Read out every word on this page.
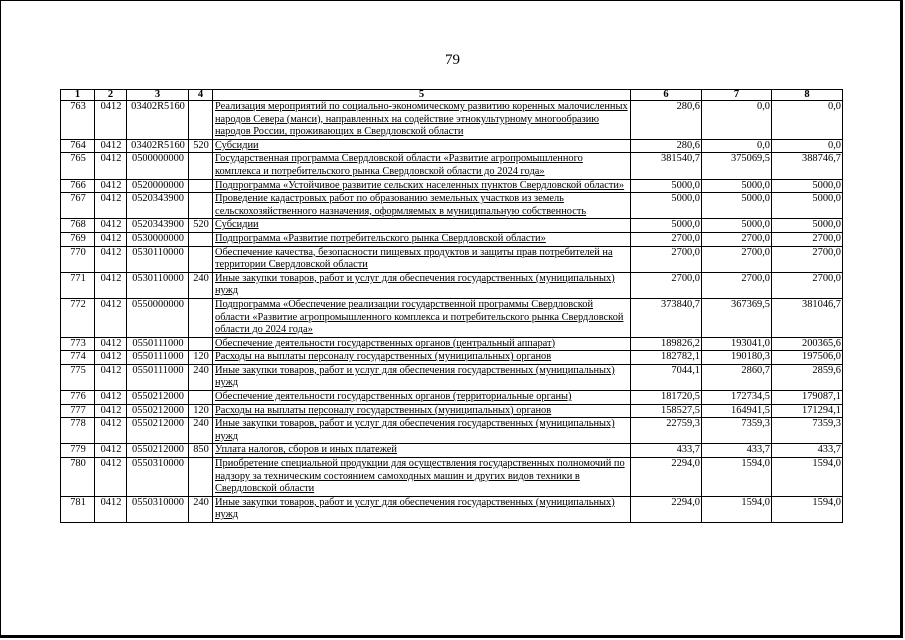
79
1	2	3	4	5	6	7	8
763	0412	03402R5160		Реализация мероприятий по социально-экономическому развитию коренных малочисленных народов Севера (манси), направленных на содействие этнокультурному многообразию народов России, проживающих в Свердловской области	280,6	0,0	0,0
764	0412	03402R5160	520	Субсидии	280,6	0,0	0,0
765	0412	0500000000		Государственная программа Свердловской области «Развитие агропромышленного комплекса и потребительского рынка Свердловской области до 2024 года»	381540,7	375069,5	388746,7
766	0412	0520000000		Подпрограмма «Устойчивое развитие сельских населенных пунктов Свердловской области»	5000,0	5000,0	5000,0
767	0412	0520343900		Проведение кадастровых работ по образованию земельных участков из земель сельскохозяйственного назначения, оформляемых в муниципальную собственность	5000,0	5000,0	5000,0
768	0412	0520343900	520	Субсидии	5000,0	5000,0	5000,0
769	0412	0530000000		Подпрограмма «Развитие потребительского рынка Свердловской области»	2700,0	2700,0	2700,0
770	0412	0530110000		Обеспечение качества, безопасности пищевых продуктов и защиты прав потребителей на территории Свердловской области	2700,0	2700,0	2700,0
771	0412	0530110000	240	Иные закупки товаров, работ и услуг для обеспечения государственных (муниципальных) нужд	2700,0	2700,0	2700,0
772	0412	0550000000		Подпрограмма «Обеспечение реализации государственной программы Свердловской области «Развитие агропромышленного комплекса и потребительского рынка Свердловской области до 2024 года»	373840,7	367369,5	381046,7
773	0412	0550111000		Обеспечение деятельности государственных органов (центральный аппарат)	189826,2	193041,0	200365,6
774	0412	0550111000	120	Расходы на выплаты персоналу государственных (муниципальных) органов	182782,1	190180,3	197506,0
775	0412	0550111000	240	Иные закупки товаров, работ и услуг для обеспечения государственных (муниципальных) нужд	7044,1	2860,7	2859,6
776	0412	0550212000		Обеспечение деятельности государственных органов (территориальные органы)	181720,5	172734,5	179087,1
777	0412	0550212000	120	Расходы на выплаты персоналу государственных (муниципальных) органов	158527,5	164941,5	171294,1
778	0412	0550212000	240	Иные закупки товаров, работ и услуг для обеспечения государственных (муниципальных) нужд	22759,3	7359,3	7359,3
779	0412	0550212000	850	Уплата налогов, сборов и иных платежей	433,7	433,7	433,7
780	0412	0550310000		Приобретение специальной продукции для осуществления государственных полномочий по надзору за техническим состоянием самоходных машин и других видов техники в Свердловской области	2294,0	1594,0	1594,0
781	0412	0550310000	240	Иные закупки товаров, работ и услуг для обеспечения государственных (муниципальных) нужд	2294,0	1594,0	1594,0
